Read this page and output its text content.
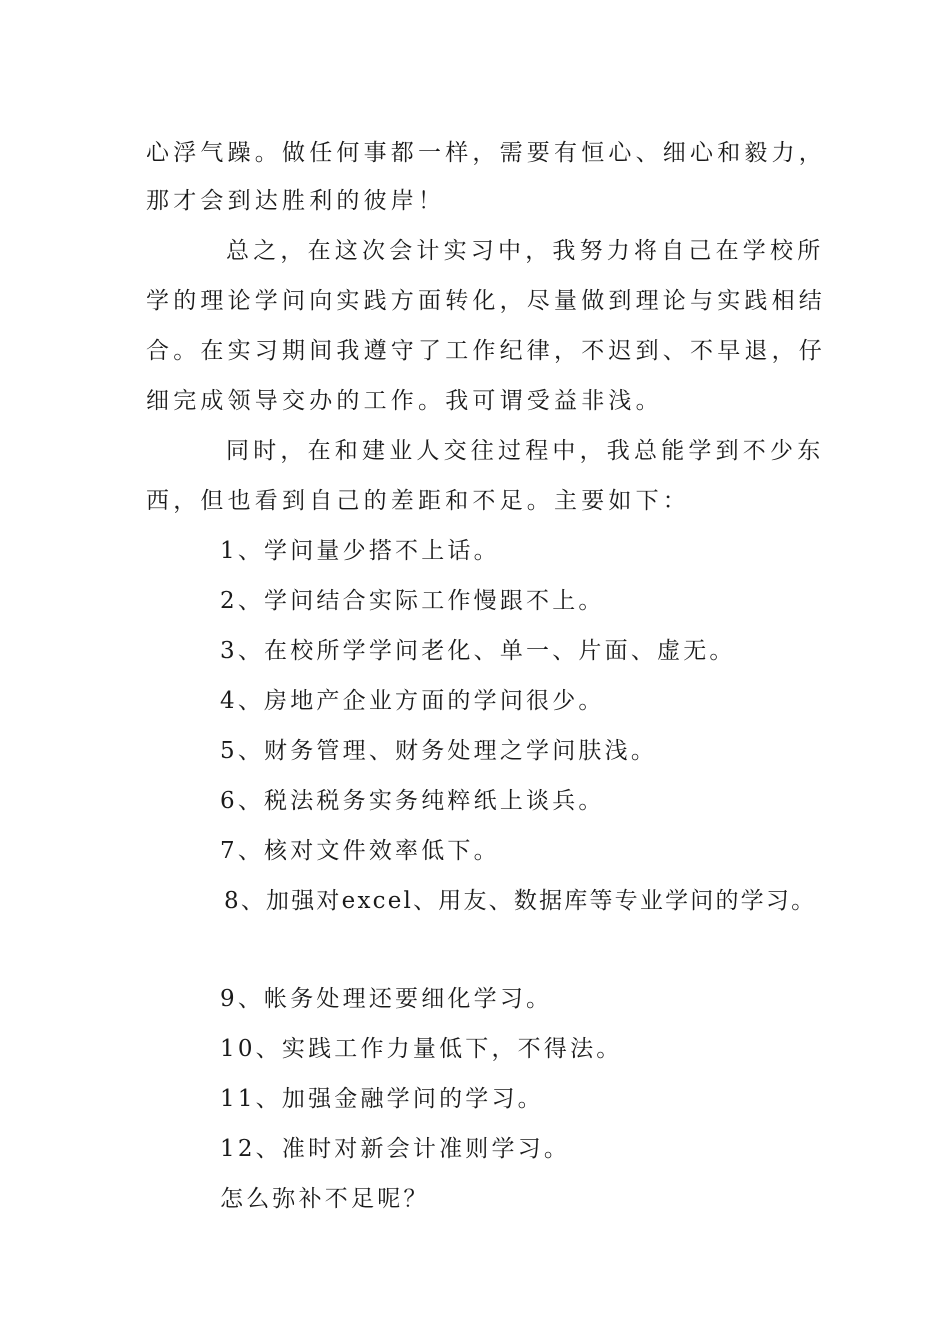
心浮气躁。做任何事都一样，需要有恒心、细心和毅力，
那才会到达胜利的彼岸！
总之，在这次会计实习中，我努力将自己在学校所
学的理论学问向实践方面转化，尽量做到理论与实践相结
合。在实习期间我遵守了工作纪律，不迟到、不早退，仔
细完成领导交办的工作。我可谓受益非浅。
同时，在和建业人交往过程中，我总能学到不少东
西，但也看到自己的差距和不足。主要如下：
1、学问量少搭不上话。
2、学问结合实际工作慢跟不上。
3、在校所学学问老化、单一、片面、虚无。
4、房地产企业方面的学问很少。
5、财务管理、财务处理之学问肤浅。
6、税法税务实务纯粹纸上谈兵。
7、核对文件效率低下。
8、加强对excel、用友、数据库等专业学问的学习。
9、帐务处理还要细化学习。
10、实践工作力量低下，不得法。
11、加强金融学问的学习。
12、准时对新会计准则学习。
怎么弥补不足呢？
